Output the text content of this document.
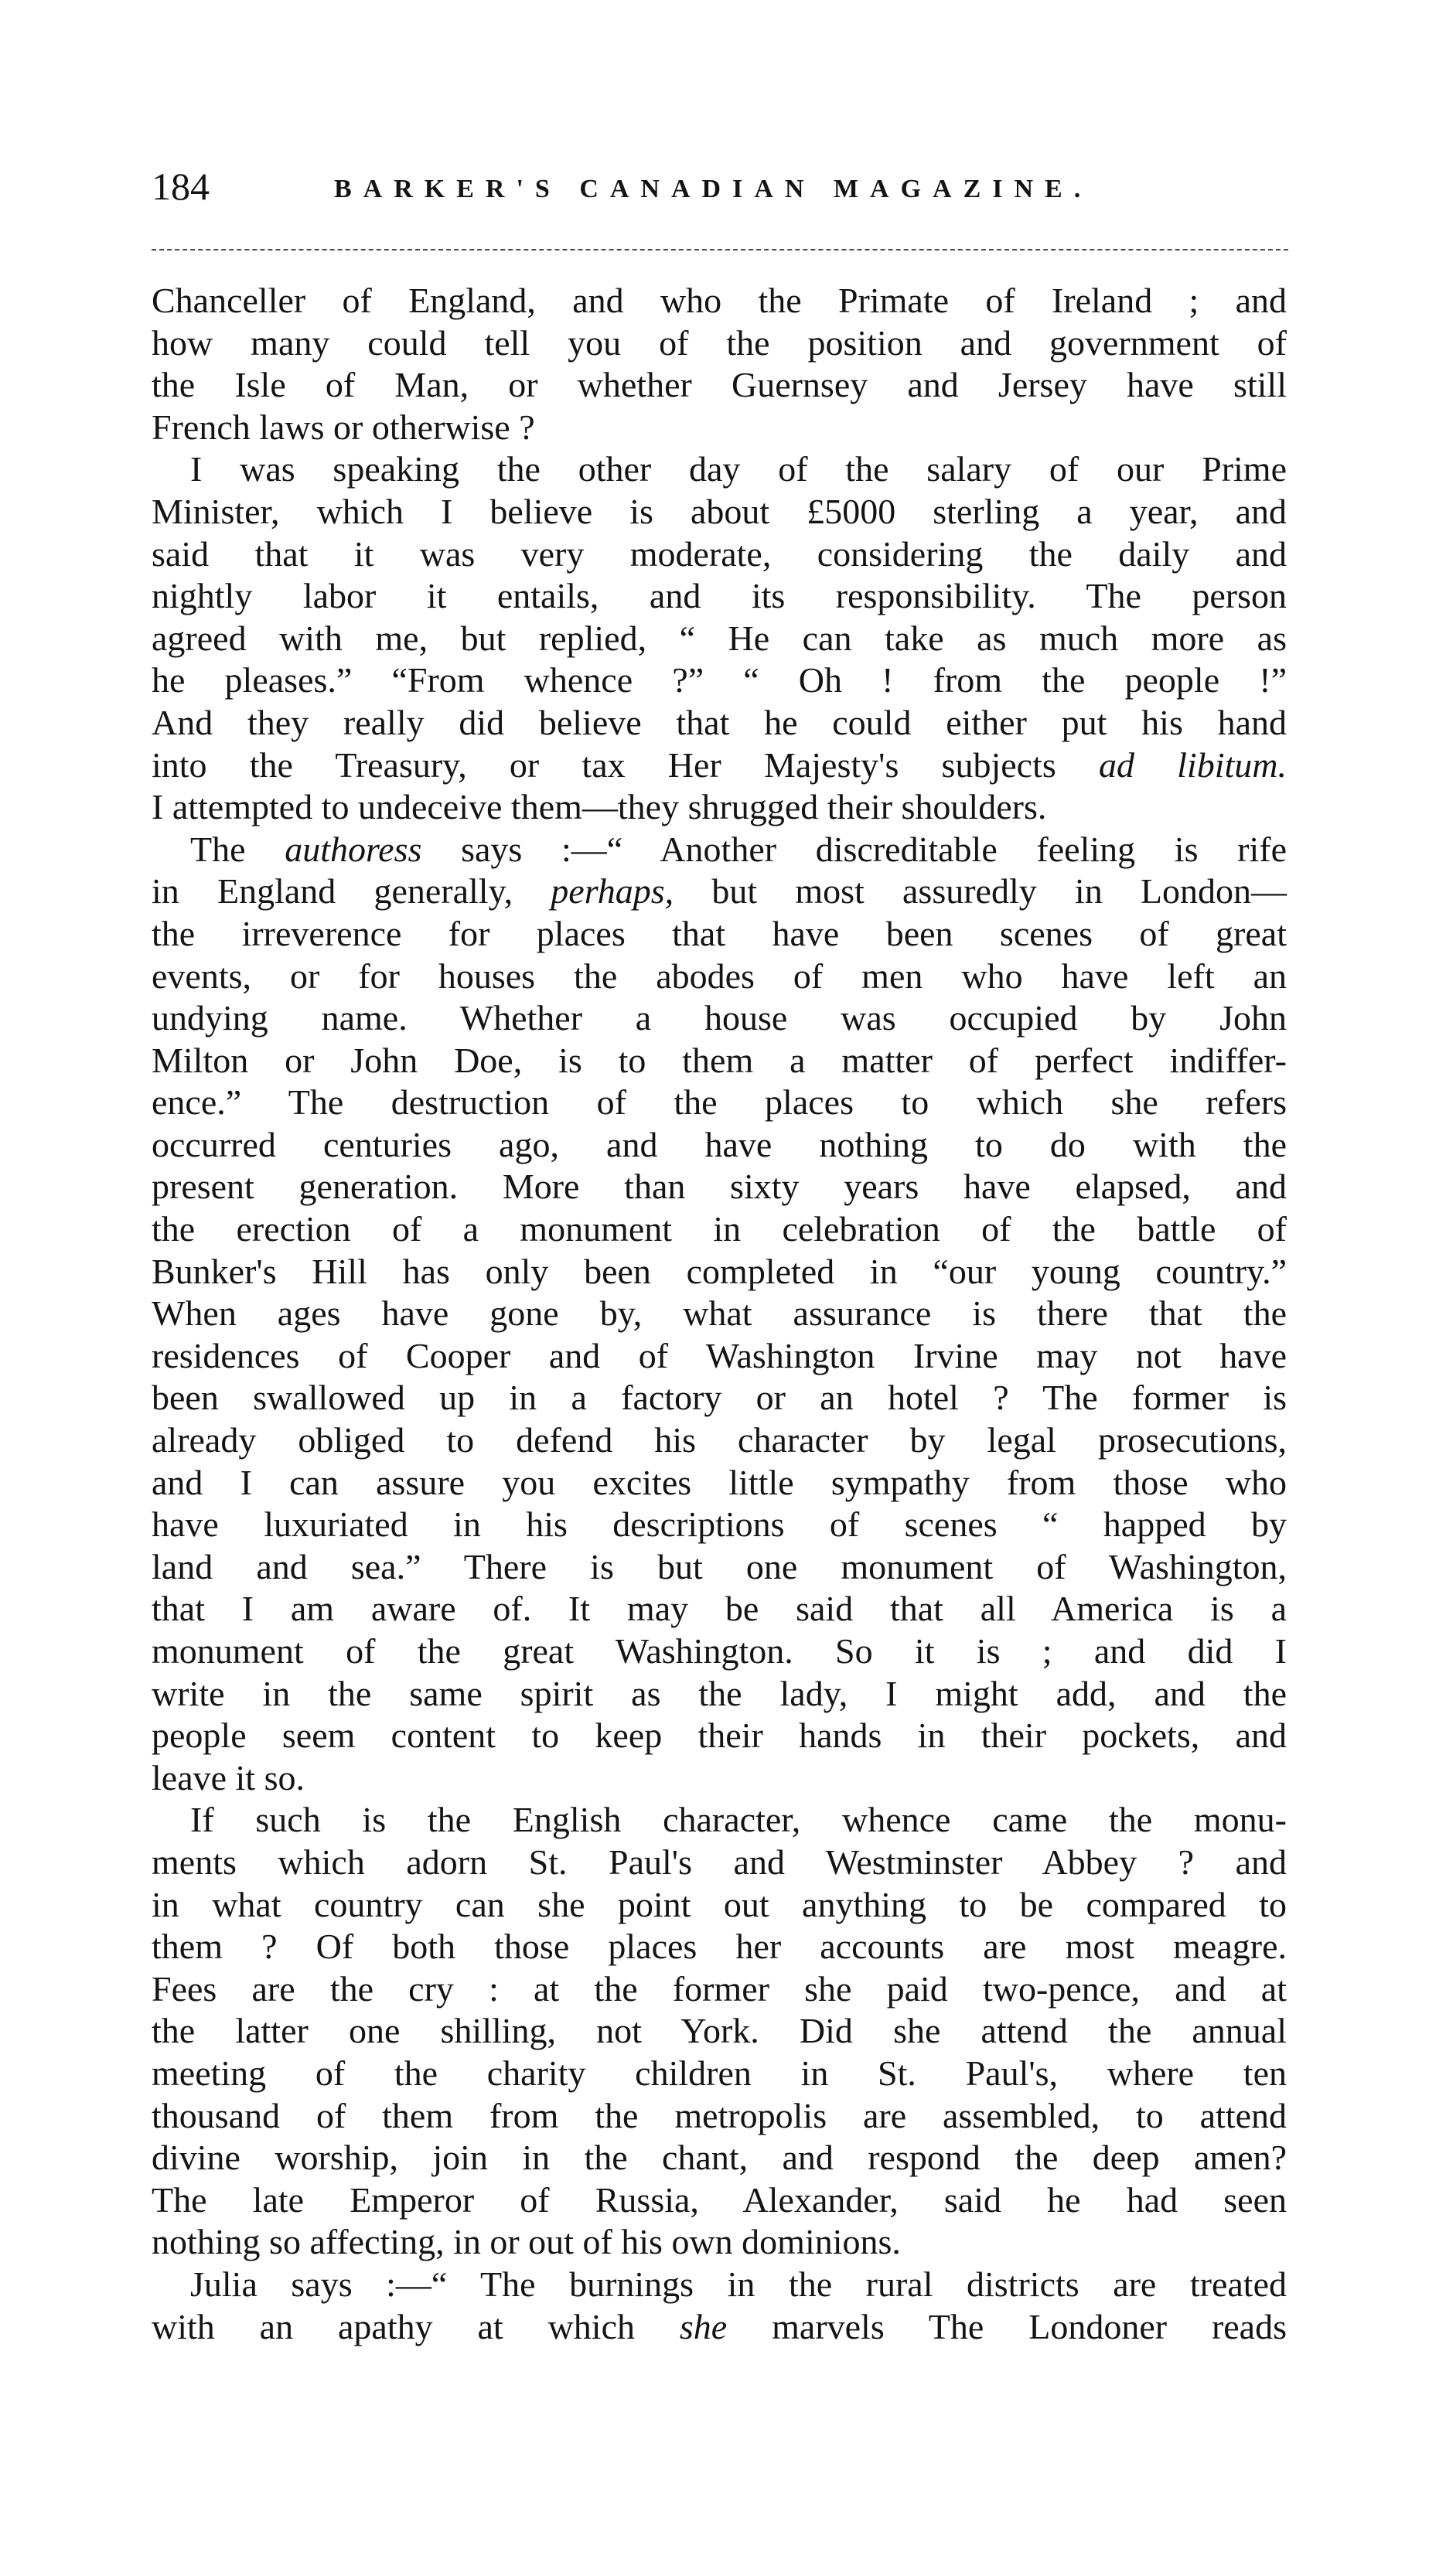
184	BARKER'S CANADIAN MAGAZINE.
Chanceller of England, and who the Primate of Ireland ; and
how many could tell you of the position and government of
the Isle of Man, or whether Guernsey and Jersey have still
French laws or otherwise ?
I was speaking the other day of the salary of our Prime
Minister, which I believe is about £5000 sterling a year, and
said that it was very moderate, considering the daily and
nightly labor it entails, and its responsibility. The person
agreed with me, but replied, “ He can take as much more as
he pleases.” “From whence ?” “ Oh ! from the people !”
And they really did believe that he could either put his hand
into the Treasury, or tax Her Majesty's subjects ad libitum.
I attempted to undeceive them—they shrugged their shoulders.
The authoress says :—“ Another discreditable feeling is rife
in England generally, perhaps, but most assuredly in London—
the irreverence for places that have been scenes of great
events, or for houses the abodes of men who have left an
undying name. Whether a house was occupied by John
Milton or John Doe, is to them a matter of perfect indiffer-
ence.” The destruction of the places to which she refers
occurred centuries ago, and have nothing to do with the
present generation. More than sixty years have elapsed, and
the erection of a monument in celebration of the battle of
Bunker's Hill has only been completed in “our young country.”
When ages have gone by, what assurance is there that the
residences of Cooper and of Washington Irvine may not have
been swallowed up in a factory or an hotel ? The former is
already obliged to defend his character by legal prosecutions,
and I can assure you excites little sympathy from those who
have luxuriated in his descriptions of scenes “ happed by
land and sea.” There is but one monument of Washington,
that I am aware of. It may be said that all America is a
monument of the great Washington. So it is ; and did I
write in the same spirit as the lady, I might add, and the
people seem content to keep their hands in their pockets, and
leave it so.
If such is the English character, whence came the monu-
ments which adorn St. Paul's and Westminster Abbey ? and
in what country can she point out anything to be compared to
them ? Of both those places her accounts are most meagre.
Fees are the cry : at the former she paid two-pence, and at
the latter one shilling, not York. Did she attend the annual
meeting of the charity children in St. Paul's, where ten
thousand of them from the metropolis are assembled, to attend
divine worship, join in the chant, and respond the deep amen?
The late Emperor of Russia, Alexander, said he had seen
nothing so affecting, in or out of his own dominions.
Julia says :—“ The burnings in the rural districts are treated
with an apathy at which she marvels The Londoner reads
